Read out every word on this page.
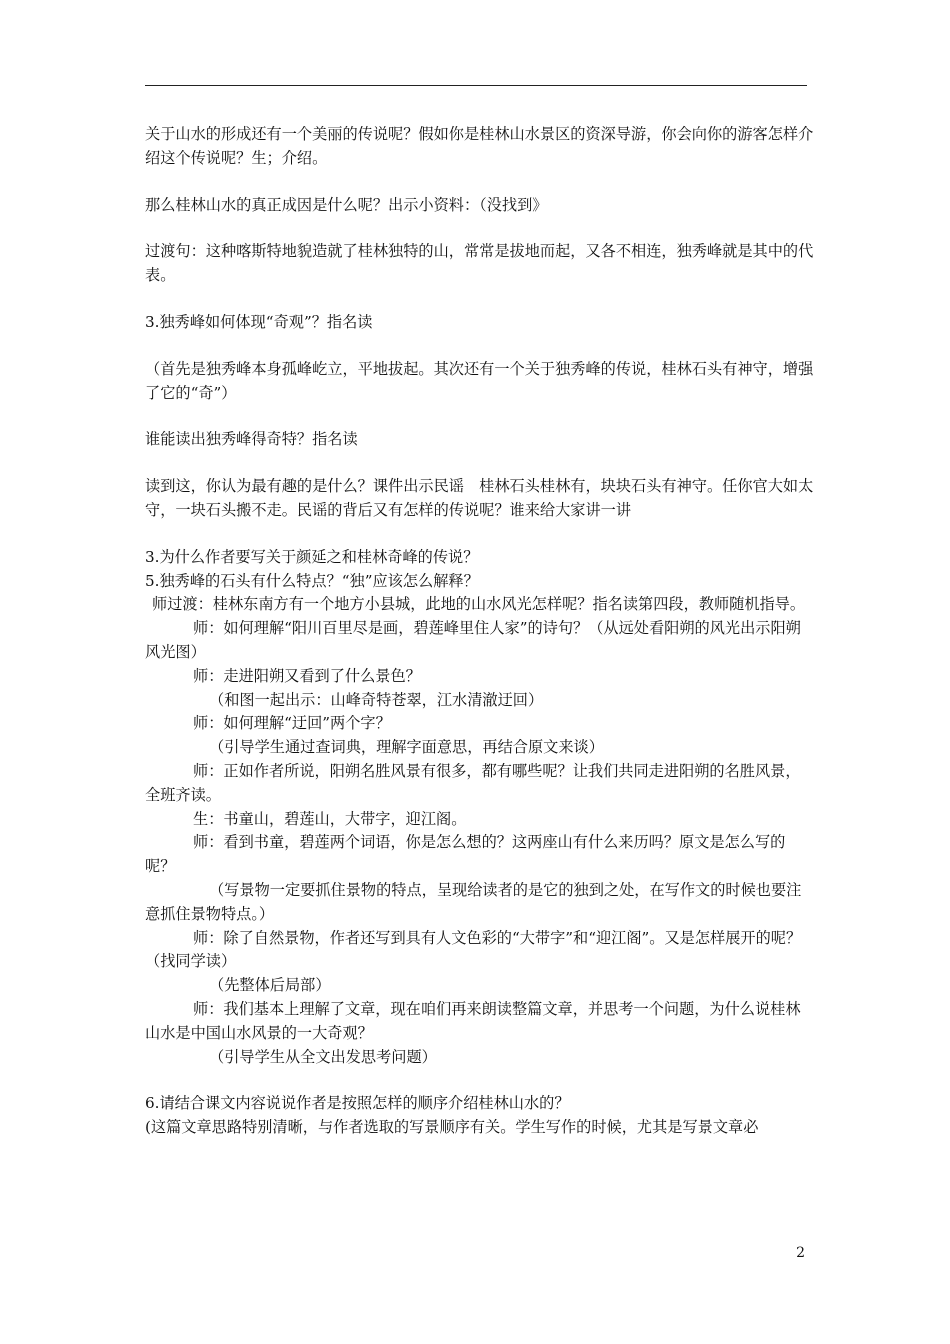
关于山水的形成还有一个美丽的传说呢？假如你是桂林山水景区的资深导游，你会向你的游客怎样介绍这个传说呢？生；介绍。

那么桂林山水的真正成因是什么呢？出示小资料：（没找到》

过渡句：这种喀斯特地貌造就了桂林独特的山，常常是拔地而起，又各不相连，独秀峰就是其中的代表。

3.独秀峰如何体现“奇观”？指名读

（首先是独秀峰本身孤峰屹立，平地拔起。其次还有一个关于独秀峰的传说，桂林石头有神守，增强了它的“奇”）

谁能读出独秀峰得奇特？指名读

读到这，你认为最有趣的是什么？课件出示民谣　桂林石头桂林有，块块石头有神守。任你官大如太守，一块石头搬不走。民谣的背后又有怎样的传说呢？谁来给大家讲一讲

3.为什么作者要写关于颜延之和桂林奇峰的传说？

5.独秀峰的石头有什么特点？“独”应该怎么解释？

师过渡：桂林东南方有一个地方小县城，此地的山水风光怎样呢？指名读第四段，教师随机指导。

师：如何理解“阳川百里尽是画，碧莲峰里住人家”的诗句？（从远处看阳朔的风光出示阳朔风光图）

师：走进阳朔又看到了什么景色？

（和图一起出示：山峰奇特苍翠，江水清澈迂回）

师：如何理解“迂回”两个字？

（引导学生通过查词典，理解字面意思，再结合原文来谈）

师：正如作者所说，阳朔名胜风景有很多，都有哪些呢？让我们共同走进阳朔的名胜风景，全班齐读。

生：书童山，碧莲山，大带字，迎江阁。

师：看到书童，碧莲两个词语，你是怎么想的？这两座山有什么来历吗？原文是怎么写的呢？

（写景物一定要抓住景物的特点，呈现给读者的是它的独到之处，在写作文的时候也要注意抓住景物特点。）

师：除了自然景物，作者还写到具有人文色彩的“大带字”和“迎江阁”。又是怎样展开的呢？（找同学读）

（先整体后局部）

师：我们基本上理解了文章，现在咱们再来朗读整篇文章，并思考一个问题，为什么说桂林山水是中国山水风景的一大奇观？

（引导学生从全文出发思考问题）

6.请结合课文内容说说作者是按照怎样的顺序介绍桂林山水的？

(这篇文章思路特别清晰，与作者选取的写景顺序有关。学生写作的时候，尤其是写景文章必

2
